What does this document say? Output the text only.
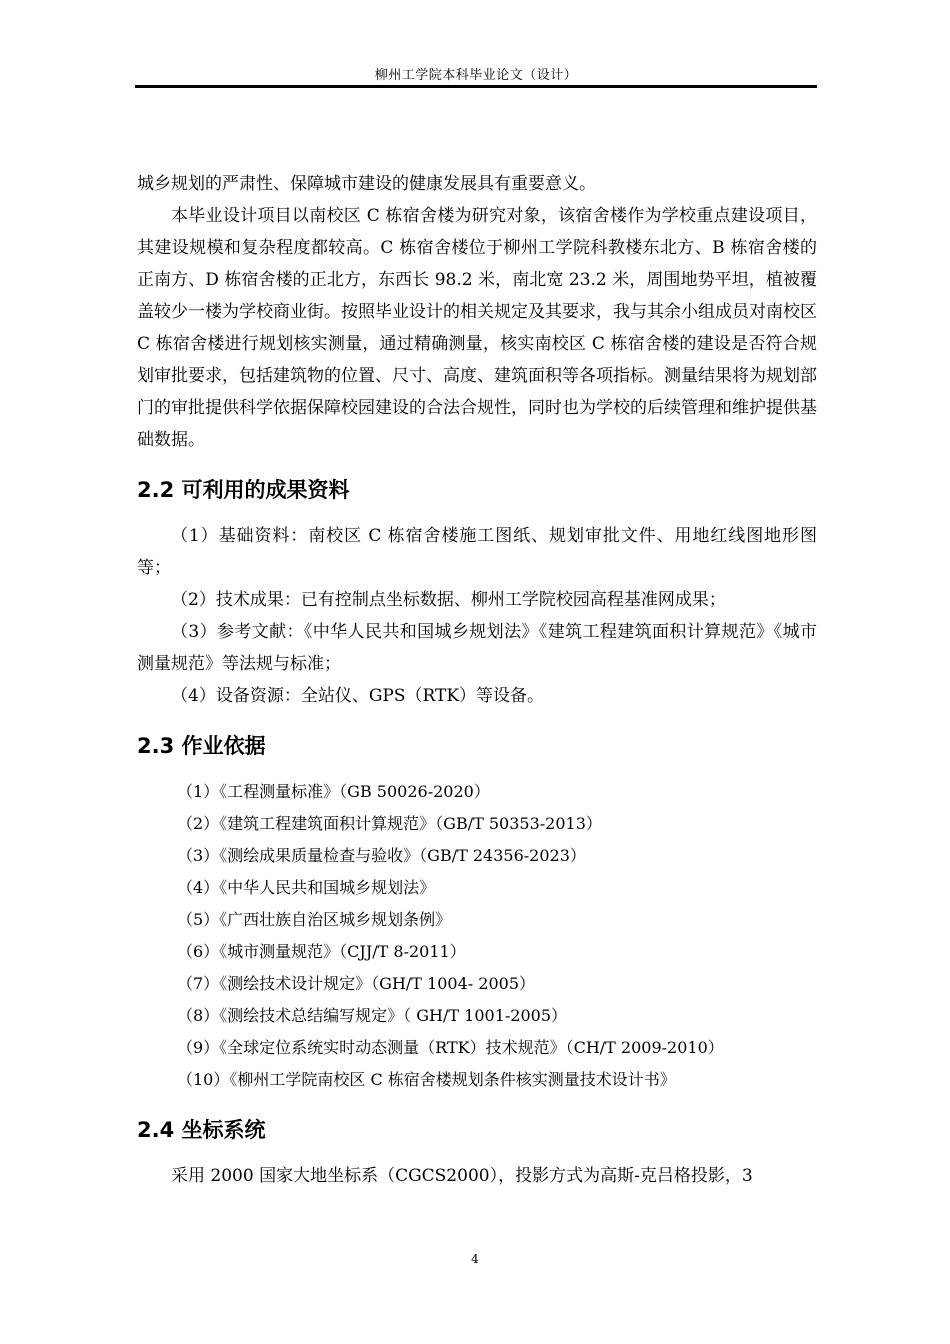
柳州工学院本科毕业论文（设计）

城乡规划的严肃性、保障城市建设的健康发展具有重要意义。

本毕业设计项目以南校区 C 栋宿舍楼为研究对象，该宿舍楼作为学校重点建设项目，其建设规模和复杂程度都较高。C 栋宿舍楼位于柳州工学院科教楼东北方、B 栋宿舍楼的正南方、D 栋宿舍楼的正北方，东西长 98.2 米，南北宽 23.2 米，周围地势平坦，植被覆盖较少一楼为学校商业街。按照毕业设计的相关规定及其要求，我与其余小组成员对南校区 C 栋宿舍楼进行规划核实测量，通过精确测量，核实南校区 C 栋宿舍楼的建设是否符合规划审批要求，包括建筑物的位置、尺寸、高度、建筑面积等各项指标。测量结果将为规划部门的审批提供科学依据保障校园建设的合法合规性，同时也为学校的后续管理和维护提供基础数据。

2.2 可利用的成果资料

（1）基础资料：南校区 C 栋宿舍楼施工图纸、规划审批文件、用地红线图地形图等；

（2）技术成果：已有控制点坐标数据、柳州工学院校园高程基准网成果；

（3）参考文献：《中华人民共和国城乡规划法》《建筑工程建筑面积计算规范》《城市测量规范》等法规与标准；

（4）设备资源：全站仪、GPS（RTK）等设备。

2.3 作业依据

（1）《工程测量标准》（GB 50026-2020）

（2）《建筑工程建筑面积计算规范》（GB/T 50353-2013）

（3）《测绘成果质量检查与验收》（GB/T 24356-2023）

（4）《中华人民共和国城乡规划法》

（5）《广西壮族自治区城乡规划条例》

（6）《城市测量规范》（CJJ/T 8-2011）

（7）《测绘技术设计规定》（GH/T 1004- 2005）

（8）《测绘技术总结编写规定》（ GH/T 1001-2005）

（9）《全球定位系统实时动态测量（RTK）技术规范》（CH/T 2009-2010）

（10）《柳州工学院南校区 C 栋宿舍楼规划条件核实测量技术设计书》

2.4 坐标系统

采用 2000 国家大地坐标系（CGCS2000），投影方式为高斯-克吕格投影，3

4
